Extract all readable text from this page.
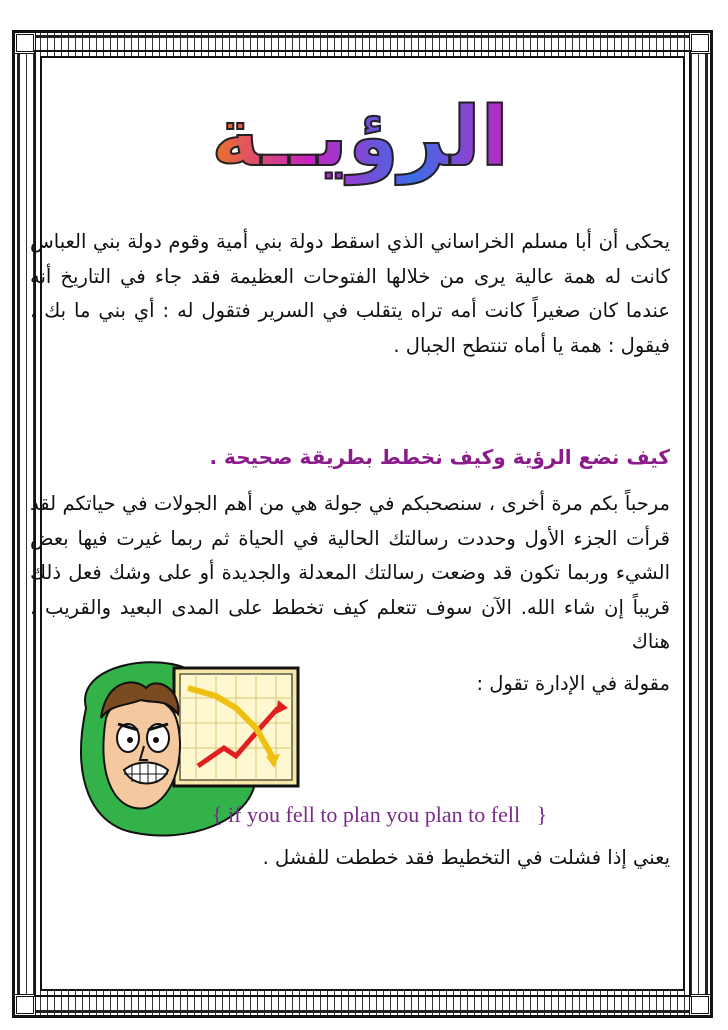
الرؤيــة
يحكى أن أبا مسلم الخراساني الذي اسقط دولة بني أمية وقوم دولة بني العباس كانت له همة عالية يرى من خلالها الفتوحات العظيمة فقد جاء في التاريخ أنه عندما كان صغيراً كانت أمه تراه يتقلب في السرير فتقول له : أي بني ما بك ، فيقول : همة يا أماه تنتطح الجبال .
كيف نضع الرؤية وكيف نخطط بطريقة صحيحة .
مرحباً بكم مرة أخرى ، سنصحبكم في جولة هي من أهم الجولات في حياتكم لقد قرأت الجزء الأول وحددت رسالتك الحالية في الحياة ثم ربما غيرت فيها بعض الشيء وربما تكون قد وضعت رسالتك المعدلة والجديدة أو على وشك فعل ذلك قريباً إن شاء الله. الآن سوف تتعلم كيف تخطط على المدى البعيد والقريب ، هناك
مقولة في الإدارة تقول :
{ if you fell to plan you plan to fell   }
يعني إذا فشلت في التخطيط فقد خططت للفشل .
